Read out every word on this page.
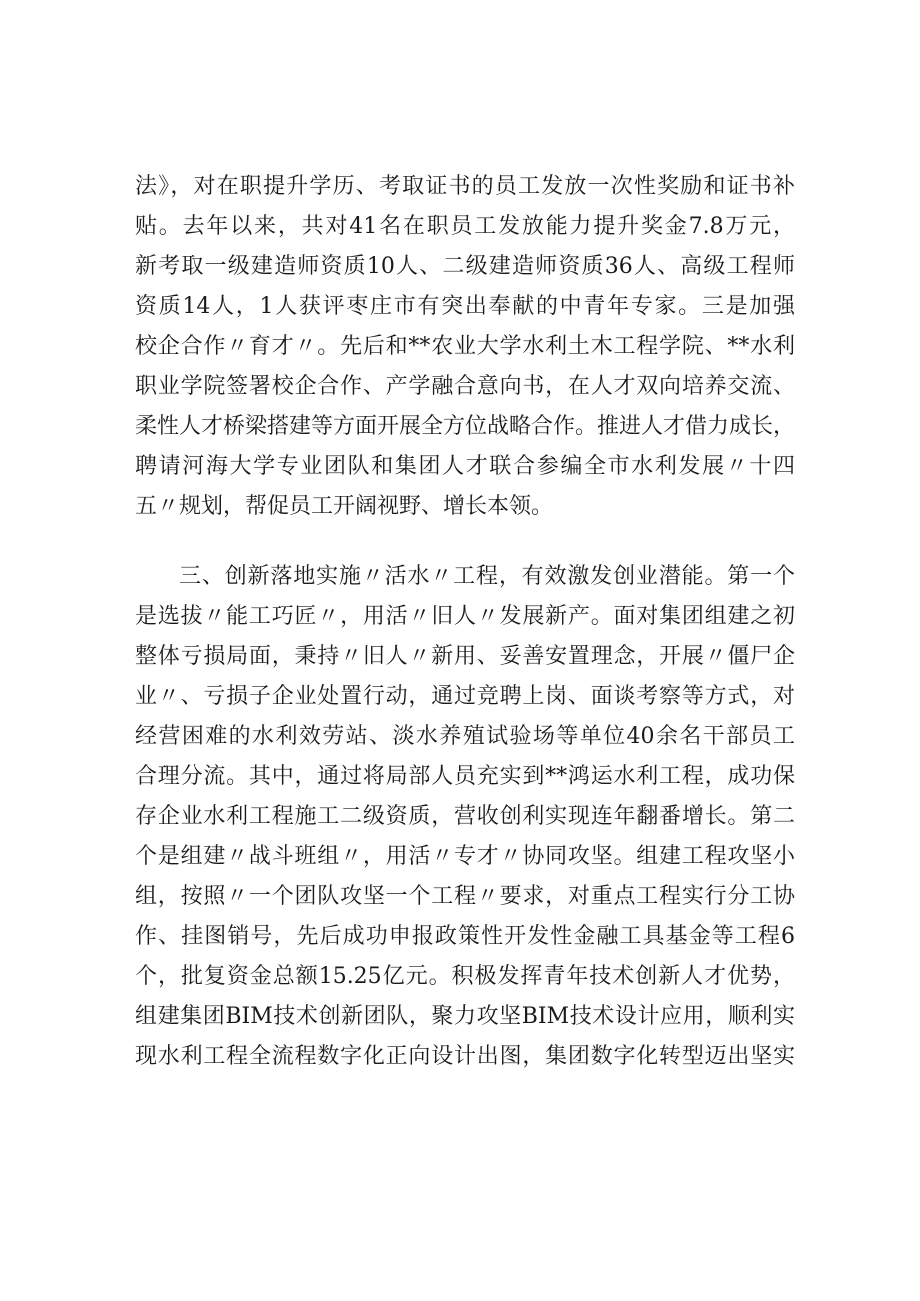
法》，对在职提升学历、考取证书的员工发放一次性奖励和证书补
贴。去年以来，共对41名在职员工发放能力提升奖金7.8万元，
新考取一级建造师资质10人、二级建造师资质36人、高级工程师
资质14人，1人获评枣庄市有突出奉献的中青年专家。三是加强
校企合作〃育才〃。先后和**农业大学水利土木工程学院、**水利
职业学院签署校企合作、产学融合意向书，在人才双向培养交流、
柔性人才桥梁搭建等方面开展全方位战略合作。推进人才借力成长，
聘请河海大学专业团队和集团人才联合参编全市水利发展〃十四
五〃规划，帮促员工开阔视野、增长本领。
三、创新落地实施〃活水〃工程，有效激发创业潜能。第一个
是选拔〃能工巧匠〃，用活〃旧人〃发展新产。面对集团组建之初
整体亏损局面，秉持〃旧人〃新用、妥善安置理念，开展〃僵尸企
业〃、亏损子企业处置行动，通过竞聘上岗、面谈考察等方式，对
经营困难的水利效劳站、淡水养殖试验场等单位40余名干部员工
合理分流。其中，通过将局部人员充实到**鸿运水利工程，成功保
存企业水利工程施工二级资质，营收创利实现连年翻番增长。第二
个是组建〃战斗班组〃，用活〃专才〃协同攻坚。组建工程攻坚小
组，按照〃一个团队攻坚一个工程〃要求，对重点工程实行分工协
作、挂图销号，先后成功申报政策性开发性金融工具基金等工程6
个，批复资金总额15.25亿元。积极发挥青年技术创新人才优势，
组建集团BIM技术创新团队，聚力攻坚BIM技术设计应用，顺利实
现水利工程全流程数字化正向设计出图，集团数字化转型迈出坚实
